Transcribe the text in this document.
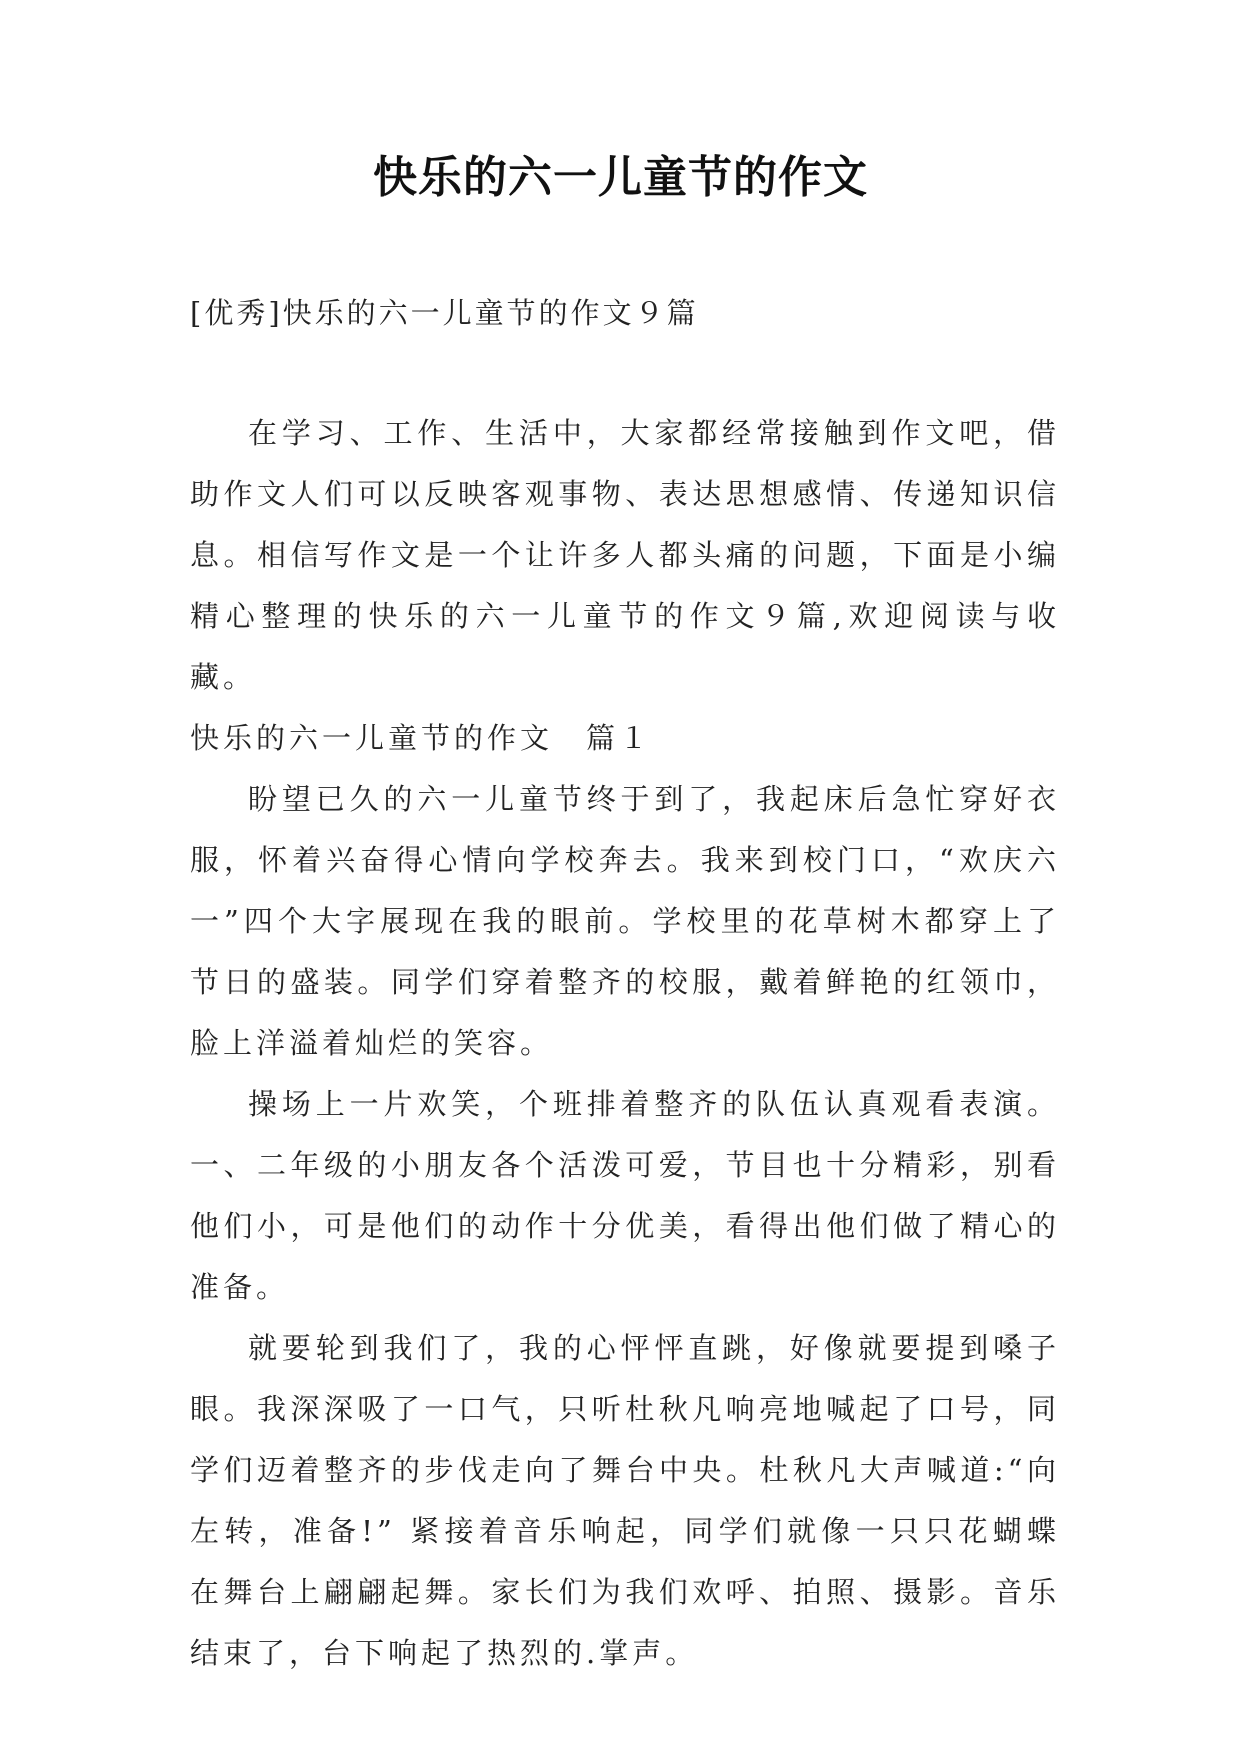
快乐的六一儿童节的作文
[优秀]快乐的六一儿童节的作文９篇

在学习、工作、生活中，大家都经常接触到作文吧，借助作文人们可以反映客观事物、表达思想感情、传递知识信息。相信写作文是一个让许多人都头痛的问题，下面是小编精心整理的快乐的六一儿童节的作文９篇,欢迎阅读与收藏。

快乐的六一儿童节的作文　篇１

盼望已久的六一儿童节终于到了，我起床后急忙穿好衣服，怀着兴奋得心情向学校奔去。我来到校门口，“欢庆六一”四个大字展现在我的眼前。学校里的花草树木都穿上了节日的盛装。同学们穿着整齐的校服，戴着鲜艳的红领巾，脸上洋溢着灿烂的笑容。

操场上一片欢笑，个班排着整齐的队伍认真观看表演。一、二年级的小朋友各个活泼可爱，节目也十分精彩，别看他们小，可是他们的动作十分优美，看得出他们做了精心的准备。

就要轮到我们了，我的心怦怦直跳，好像就要提到嗓子眼。我深深吸了一口气，只听杜秋凡响亮地喊起了口号，同学们迈着整齐的步伐走向了舞台中央。杜秋凡大声喊道:“向左转，准备!” 紧接着音乐响起，同学们就像一只只花蝴蝶在舞台上翩翩起舞。家长们为我们欢呼、拍照、摄影。音乐结束了，台下响起了热烈的.掌声。
